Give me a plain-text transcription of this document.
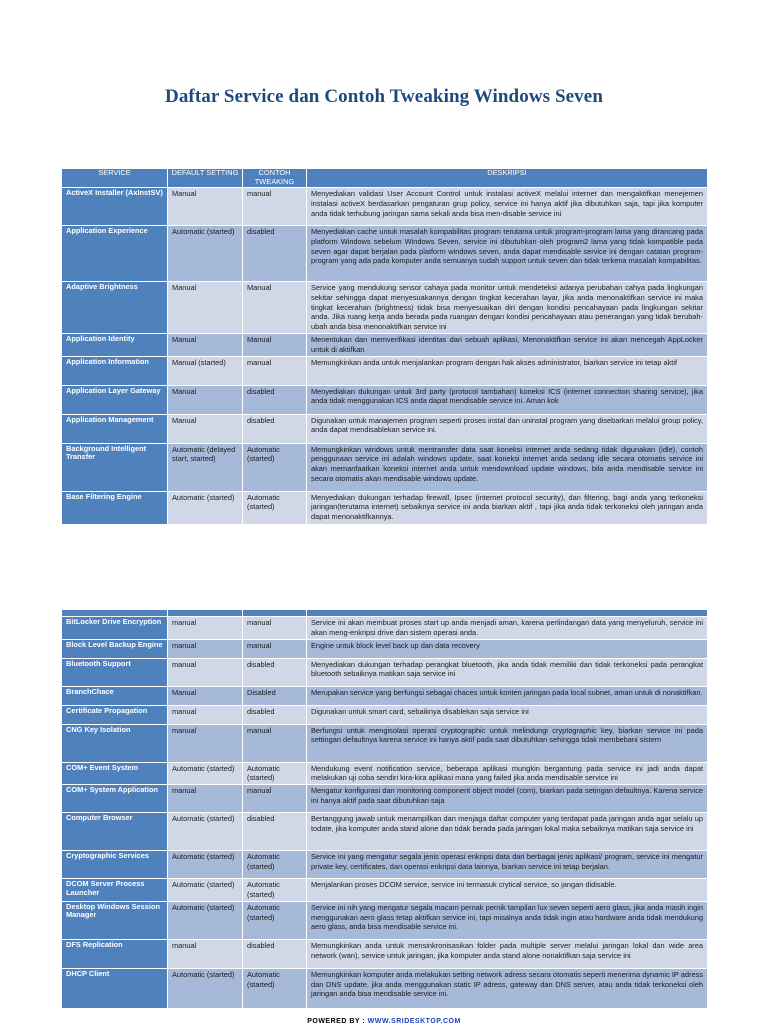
Daftar Service dan Contoh Tweaking Windows Seven
SERVICE	DEFAULT SETTING	CONTOH TWEAKING	DESKRIPSI
ActiveX Installer (AxInstSV)	Manual	manual	Menyediakan validasi User Account Control untuk instalasi activeX melalui internet dan mengaktifkan menejemen instalasi activeX berdasarkan pengaturan grup policy, service ini hanya aktif jika dibutuhkan saja, tapi jika komputer anda tidak terhubung jaringan sama sekali anda bisa men-disable service ini
Application Experience	Automatic (started)	disabled	Menyediakan cache untuk masalah kompabilitas program terutama untuk program-program lama yang dirancang pada platform Windows sebelum Windows Seven, service ini dibutuhkan oleh program2 lama yang tidak kompatible pada seven agar dapat berjalan pada platform windows seven, anda dapat mendisable service ini dengan catatan program-program yang ada pada komputer anda semuanya sudah support untuk seven dan tidak terkena masalah kompabilitas.
Adaptive Brightness	Manual	Manual	Service yang mendukung sensor cahaya pada monitor untuk mendeteksi adanya perubahan cahya pada lingkungan sekitar sehingga dapat menyesuakannya dengan tingkat kecerahan layar, jika anda menonaktifkan service ini maka tingkat kecerahan (brightness) tidak bisa menyesuaikan diri dengan kondisi pencahayaan pada lingkungan sekitar anda. Jika ruang kerja anda berada pada ruangan dengan kondisi pencahayaan atau penerangan yang tidak berubah-ubah anda bisa menonaktifkan service ini
Application Identity	Manual	Manual	Menentukan dan memverifikasi identitas dari sebuah aplikasi, Menonaktifkan service ini akan mencegah AppLocker untuk di aktifkan
Application Information	Manual (started)	manual	Memungkinkan anda untuk menjalankan program dengan hak akses administrator, biarkan service ini tetap aktif
Application Layer Gateway	Manual	disabled	Menyediakan dukungan untuk 3rd party (protocol tambahan) koneksi ICS (internet connection sharing service), jika anda tidak menggunakan ICS anda dapat mendisable service ini. Aman kok
Application Management	Manual	disabled	Digunakan untuk manajemen program seperti proses instal dan uninstal program yang disebarkan melalui group policy, anda dapat mendisablekan service ini.
Background Intelligent Transfer	Automatic (delayed start, started)	Automatic (started)	Memungkinkan windows untuk mentransfer data saat koneksi internet anda sedang tidak digunakan (idle), contoh penggunaan service ini adalah windows update, saat koneksi internet anda sedang idle secara otomatis service ini akan memanfaatkan koneksi internet anda untuk mendownload update windows, bila anda mendisable service ini secara otomatis akan mendisable windows update.
Base Filtering Engine	Automatic (started)	Automatic (started)	Menyediakan dukungan terhadap firewall, Ipsec (internet protocol security), dan filtering, bagi anda yang terkoneksi jaringan(terutama internet) sebaiknya service ini anda biarkan aktif , tapi jika anda tidak terkoneksi oleh jaringan anda dapat menonaktifkannya.

BitLocker Drive Encryption	manual	manual	Service ini akan membuat proses start up anda menjadi aman, karena perlindangan data yang menyeluruh, service ini akan meng-enkripsi drive dan sistem operasi anda.
Block Level Backup Engine	manual	manual	Engine untuk block level back up dan data recovery
Bluetooth Support	manual	disabled	Menyediakan dukungan terhadap perangkat bluetooth, jika anda tidak memiliki dan tidak terkoneksi pada perangkat bluetooth sebaiknya matikan saja service ini
BranchChace	Manual	Disabled	Merupakan service yang berfungsi sebagai chaces untuk konten jaringan pada local subnet, aman untuk di nonaktifkan.
Certificate Propagation	manual	disabled	Digunakan untuk smart card, sebaiknya disablekan saja service ini
CNG Key Isolation	manual	manual	Berfungsi untuk mengisolasi operasi cryptographic untuk melindungi cryptographic key, biarkan service ini pada settingan defaultnya karena service ini hanya aktif pada saat dibutuhkan sehingga tidak membebani sistem
COM+ Event System	Automatic (started)	Automatic (started)	Mendukung event notification service, beberapa aplikasi mungkin bergantung pada service ini jadi anda dapat melakukan uji coba sendiri kira-kira aplikasi mana yang failed jika anda mendisable service ini
COM+ System Application	manual	manual	Mengatur konfigurasi dan monitoring component object model (com), biarkan pada setingan defaultnya. Karena service ini hanya aktif pada saat dibutuhkan saja
Computer Browser	Automatic (started)	disabled	Bertanggung jawab untuk menampilkan dan menjaga daftar computer yang terdapat pada jaringan anda agar selalu up todate, jika komputer anda stand alone dan tidak berada pada jaringan lokal maka sebaiknya matikan saja service ini
Cryptographic Services	Automatic (started)	Automatic (started)	Service ini yang mengatur segala jenis operasi enkripsi data dari berbagai jenis aplikasi/ program, service ini mengatur private key, certificates, dan operasi enkripsi data lainnya, biarkan service ini tetap berjalan.
DCOM Server Process Launcher	Automatic (started)	Automatic (started)	Menjalankan proses DCOM service, service ini termasuk crytical service, so jangan didisable.
Desktop Windows Session Manager	Automatic (started)	Automatic (started)	Service ini nih yang mengatur segala macam pernak pernik tampilan lux seven seperti aero glass, jika anda masih ingin menggunakan aero glass tetap aktifkan service ini, tapi misalnya anda tidak ingin atau hardware anda tidak mendukung aero glass, anda bisa mendisable service ini.
DFS Replication	manual	disabled	Memungkinkan anda untuk mensinkronisasikan folder pada multiple server melalui jaringan lokal dan wide area network (wan), service untuk jaringan, jika komputer anda stand alone nonaktifkan saja service ini
DHCP Client	Automatic (started)	Automatic (started)	Memungkinkan komputer anda melakukan setting network adress secara otomatis seperti menerima dynamic IP adress dan DNS update, jika anda menggunakan static IP adress, gateway dan DNS server, atau anda tidak terkoneksi oleh jaringan anda bisa mendisable service ini.
POWERED BY : WWW.SRIDESKTOP.COM
